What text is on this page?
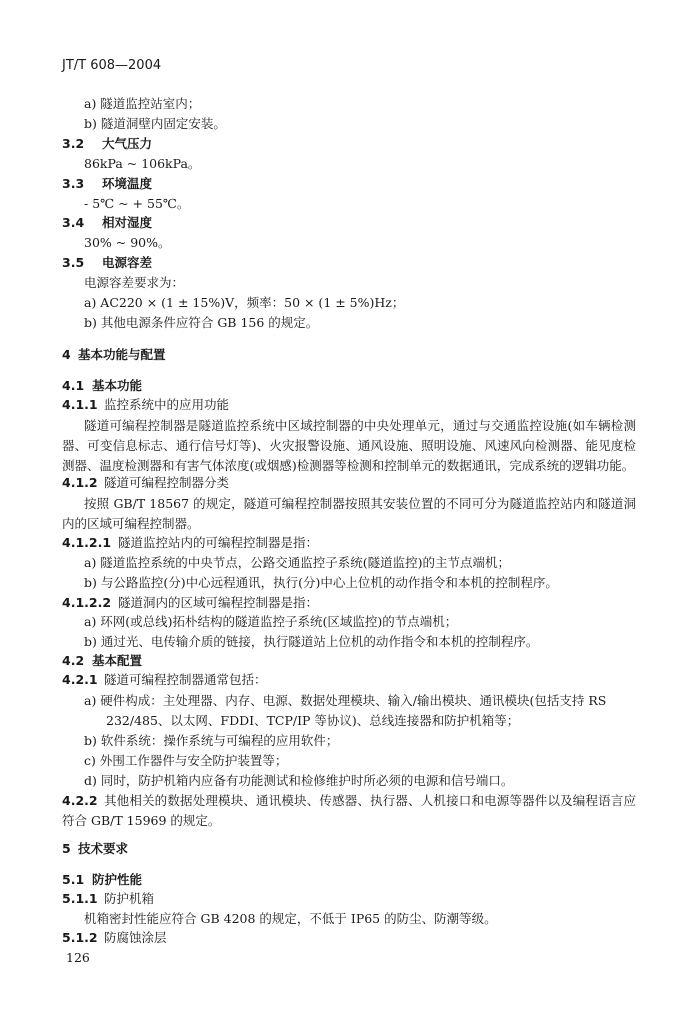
JT/T 608—2004
a) 隧道监控站室内；
b) 隧道洞壁内固定安装。
3.2 大气压力
86kPa ~ 106kPa。
3.3 环境温度
- 5℃ ~ + 55℃。
3.4 相对湿度
30% ~ 90%。
3.5 电源容差
电源容差要求为：
a) AC220 × (1 ± 15%)V，频率：50 × (1 ± 5%)Hz；
b) 其他电源条件应符合 GB 156 的规定。
4 基本功能与配置
4.1 基本功能
4.1.1 监控系统中的应用功能
隧道可编程控制器是隧道监控系统中区域控制器的中央处理单元，通过与交通监控设施(如车辆检测器、可变信息标志、通行信号灯等)、火灾报警设施、通风设施、照明设施、风速风向检测器、能见度检测器、温度检测器和有害气体浓度(或烟感)检测器等检测和控制单元的数据通讯，完成系统的逻辑功能。
4.1.2 隧道可编程控制器分类
按照 GB/T 18567 的规定，隧道可编程控制器按照其安装位置的不同可分为隧道监控站内和隧道洞内的区域可编程控制器。
4.1.2.1 隧道监控站内的可编程控制器是指：
a) 隧道监控系统的中央节点，公路交通监控子系统(隧道监控)的主节点端机；
b) 与公路监控(分)中心远程通讯，执行(分)中心上位机的动作指令和本机的控制程序。
4.1.2.2 隧道洞内的区域可编程控制器是指：
a) 环网(或总线)拓朴结构的隧道监控子系统(区域监控)的节点端机；
b) 通过光、电传输介质的链接，执行隧道站上位机的动作指令和本机的控制程序。
4.2 基本配置
4.2.1 隧道可编程控制器通常包括：
a) 硬件构成：主处理器、内存、电源、数据处理模块、输入/输出模块、通讯模块(包括支持 RS 232/485、以太网、FDDI、TCP/IP 等协议)、总线连接器和防护机箱等；
b) 软件系统：操作系统与可编程的应用软件；
c) 外围工作器件与安全防护装置等；
d) 同时，防护机箱内应备有功能测试和检修维护时所必须的电源和信号端口。
4.2.2 其他相关的数据处理模块、通讯模块、传感器、执行器、人机接口和电源等器件以及编程语言应符合 GB/T 15969 的规定。
5 技术要求
5.1 防护性能
5.1.1 防护机箱
机箱密封性能应符合 GB 4208 的规定，不低于 IP65 的防尘、防潮等级。
5.1.2 防腐蚀涂层
126
